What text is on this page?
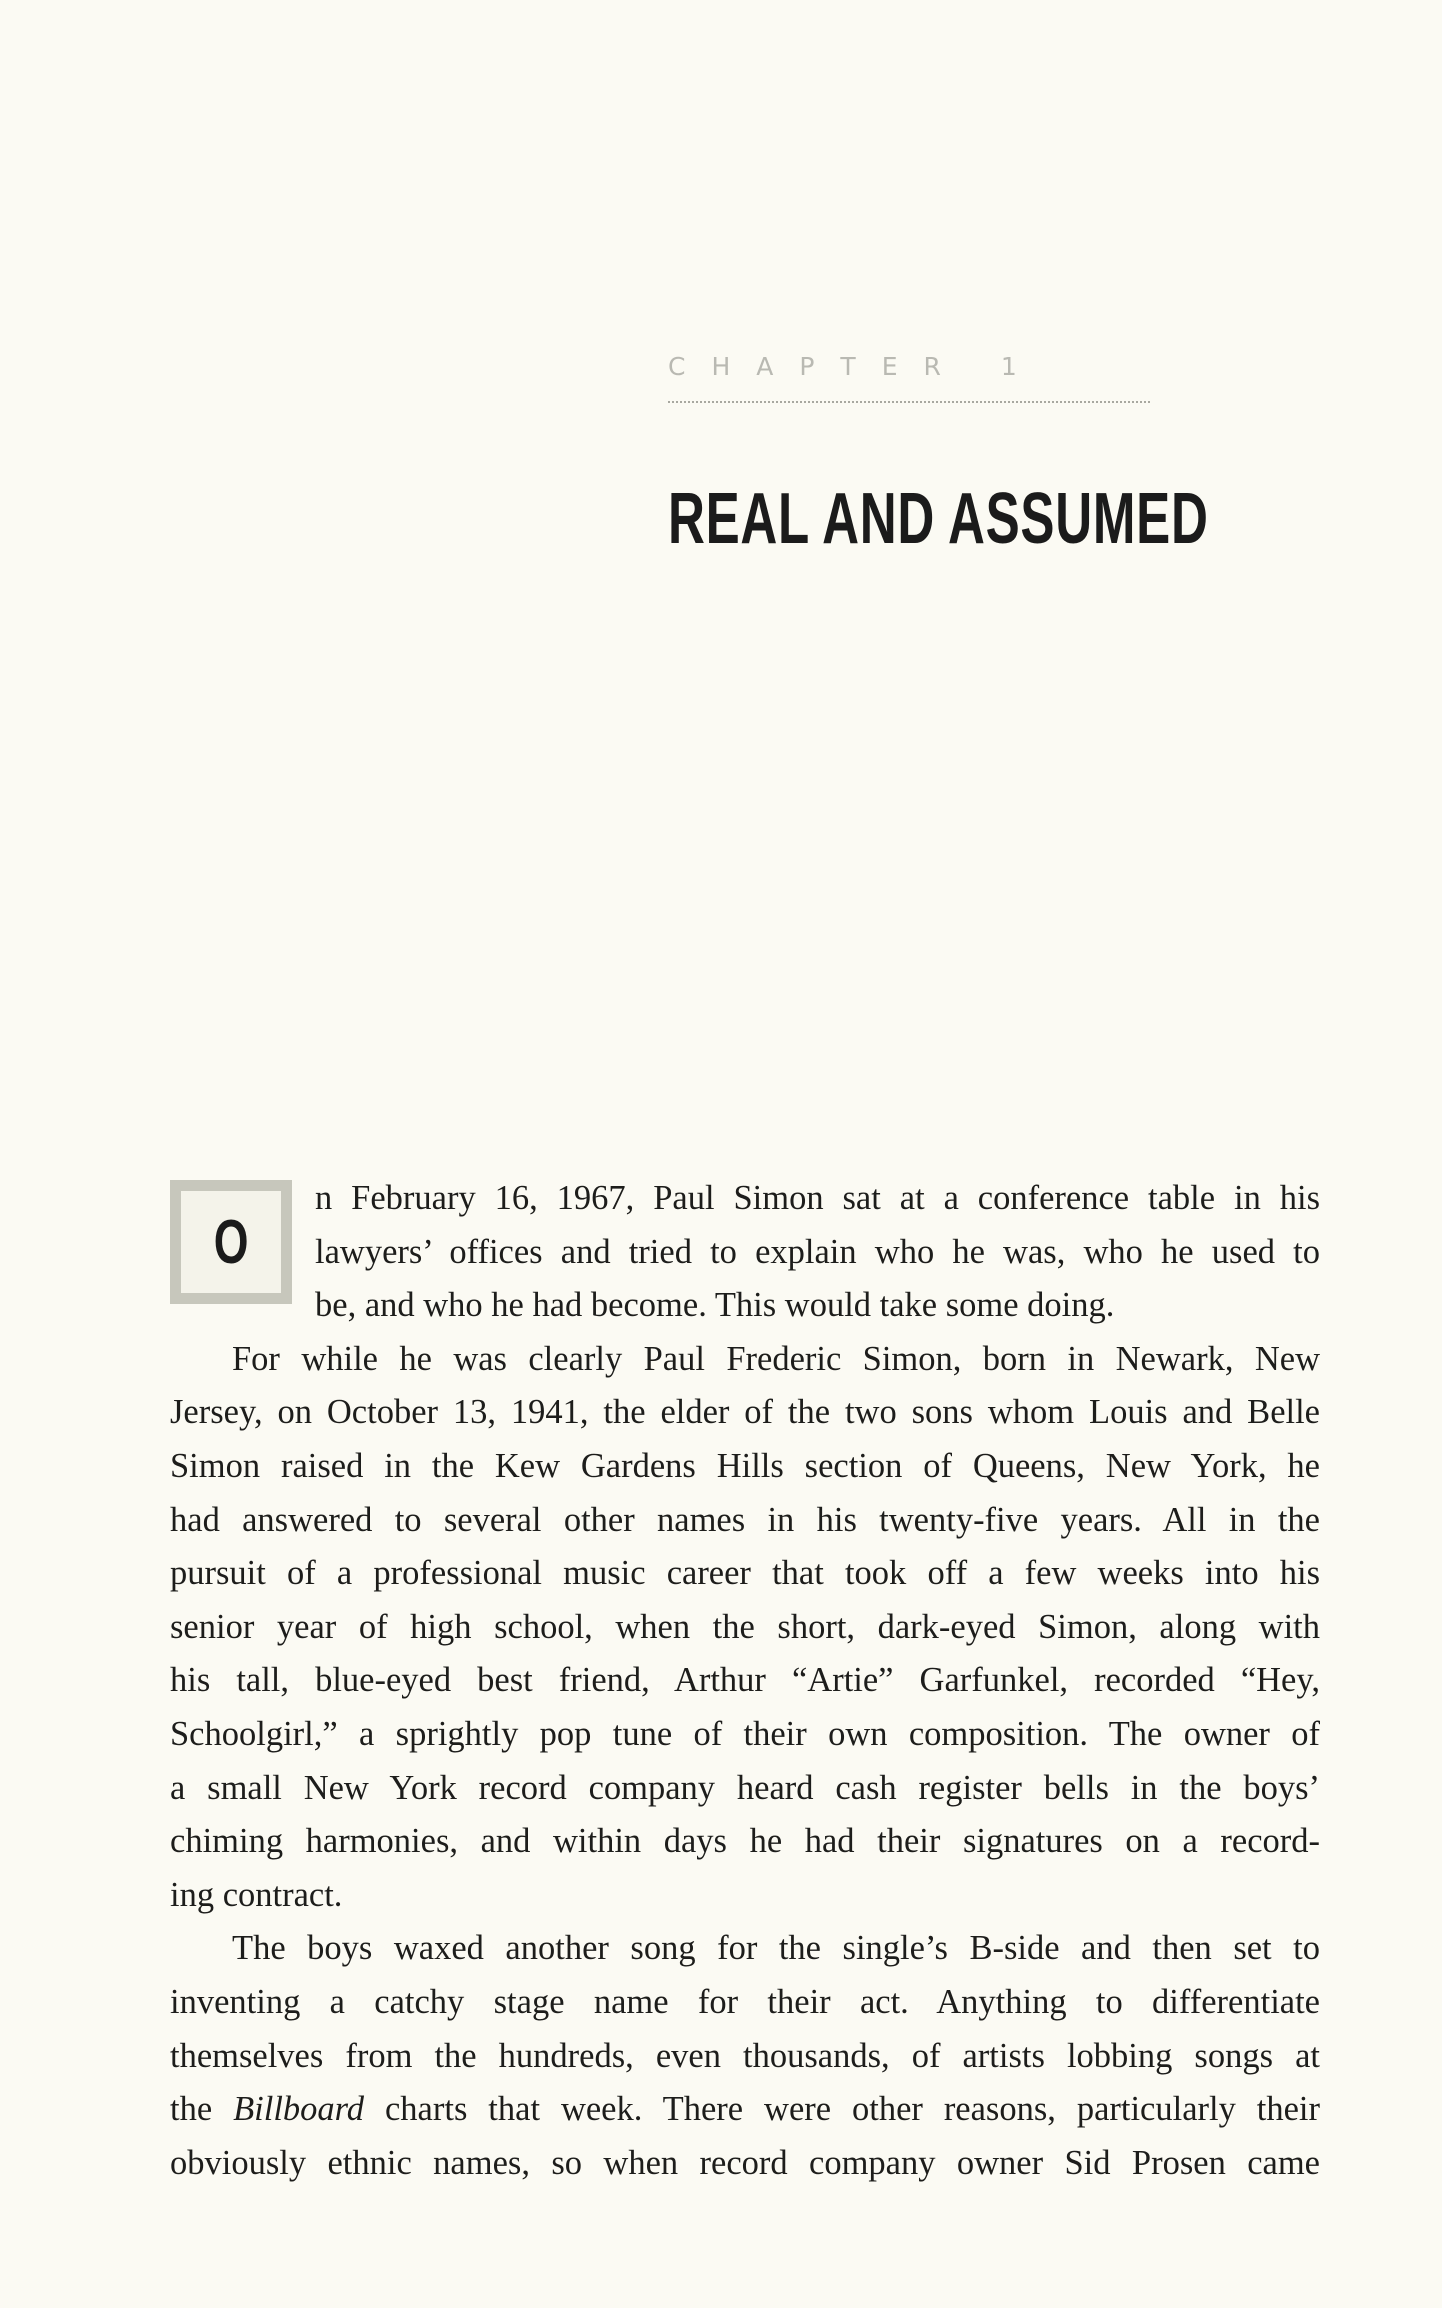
CHAPTER 1
REAL AND ASSUMED
O
n February 16, 1967, Paul Simon sat at a conference table in his
lawyers’ offices and tried to explain who he was, who he used to
be, and who he had become. This would take some doing.
For while he was clearly Paul Frederic Simon, born in Newark, New
Jersey, on October 13, 1941, the elder of the two sons whom Louis and Belle
Simon raised in the Kew Gardens Hills section of Queens, New York, he
had answered to several other names in his twenty-five years. All in the
pursuit of a professional music career that took off a few weeks into his
senior year of high school, when the short, dark-eyed Simon, along with
his tall, blue-eyed best friend, Arthur “Artie” Garfunkel, recorded “Hey,
Schoolgirl,” a sprightly pop tune of their own composition. The owner of
a small New York record company heard cash register bells in the boys’
chiming harmonies, and within days he had their signatures on a record-
ing contract.
The boys waxed another song for the single’s B-side and then set to
inventing a catchy stage name for their act. Anything to differentiate
themselves from the hundreds, even thousands, of artists lobbing songs at
the Billboard charts that week. There were other reasons, particularly their
obviously ethnic names, so when record company owner Sid Prosen came
